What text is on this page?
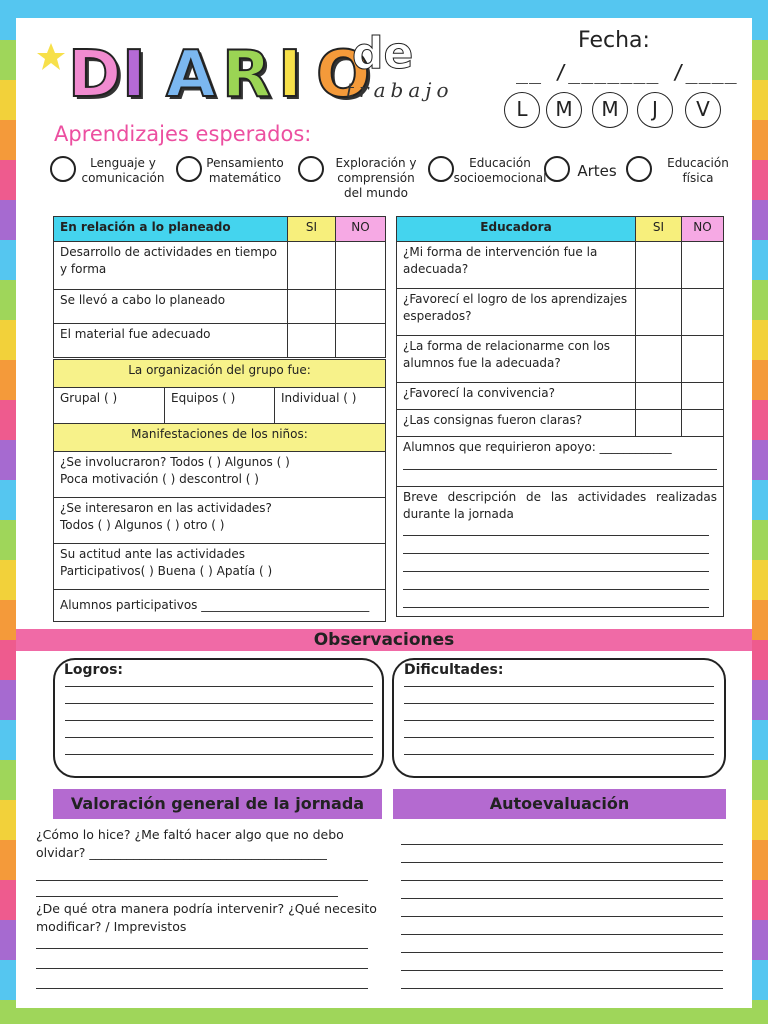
D I A R I O
de
trabajo
Fecha:
__ /_______ /____
L	M	M	J	V
Aprendizajes esperados:
Lenguaje y
comunicación
Pensamiento
matemático
Exploración y
comprensión
del mundo
Educación
socioemocional	Artes	Educación
física
En relación a lo planeado	SI	NO
Desarrollo de actividades en tiempo y forma		
Se llevó a cabo lo planeado		
El material fue adecuado		
La organización del grupo fue:
Grupal ( )	Equipos ( )	Individual ( )
Manifestaciones de los niños:

¿Se involucraron? Todos ( ) Algunos ( )
Poca motivación ( ) descontrol ( )

¿Se interesaron en las actividades?
Todos ( ) Algunos ( ) otro ( )

Su actitud ante las actividades
Participativos( ) Buena ( ) Apatía ( )

Alumnos participativos ____________________________
Educadora	SI	NO
¿Mi forma de intervención fue la adecuada?		
¿Favorecí el logro de los aprendizajes esperados?		
¿La forma de relacionarme con los alumnos fue la adecuada?		
¿Favorecí la convivencia?		
¿Las consignas fueron claras?		

Alumnos que requirieron apoyo: ____________		

Breve descripción de las actividades realizadas durante la jornada		
Observaciones
Logros:	Dificultades:
Valoración general de la jornada	Autoevaluación
¿Cómo lo hice? ¿Me faltó hacer algo que no debo
olvidar? ______________________________________
¿De qué otra manera podría intervenir? ¿Qué necesito
modificar? / Imprevistos
